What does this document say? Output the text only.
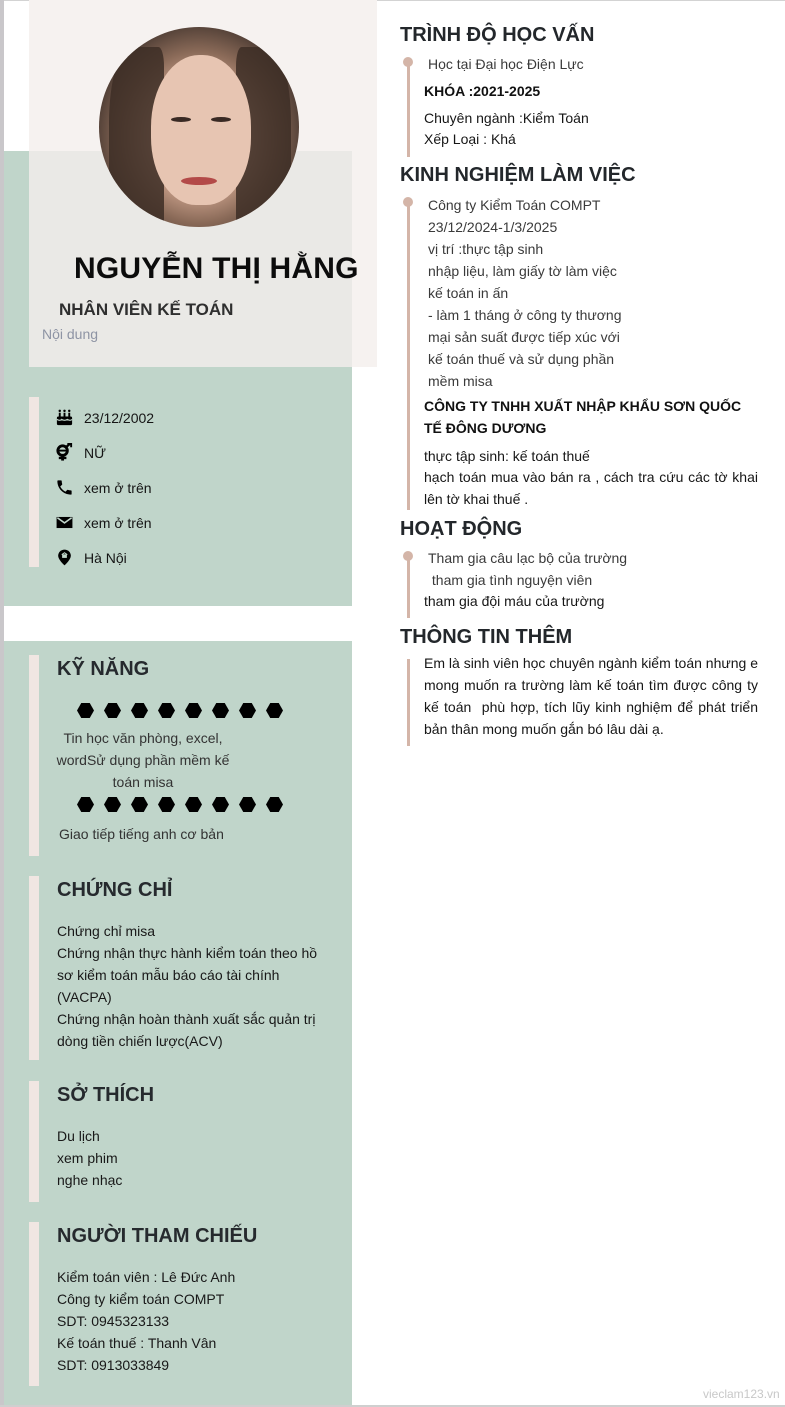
NGUYỄN THỊ HẰNG
NHÂN VIÊN KẾ TOÁN
Nội dung
23/12/2002
NỮ
xem ở trên
xem ở trên
Hà Nội
KỸ NĂNG
Tin học văn phòng, excel,
wordSử dụng phần mềm kế
toán misa
Giao tiếp tiếng anh cơ bản
CHỨNG CHỈ
Chứng chỉ misa
Chứng nhận thực hành kiểm toán theo hồ
sơ kiểm toán mẫu báo cáo tài chính
(VACPA)
Chứng nhận hoàn thành xuất sắc quản trị
dòng tiền chiến lược(ACV)
SỞ THÍCH
Du lịch
xem phim
nghe nhạc
NGƯỜI THAM CHIẾU
Kiểm toán viên : Lê Đức Anh
Công ty kiểm toán COMPT
SDT: 0945323133
Kế toán thuế : Thanh Vân
SDT: 0913033849
TRÌNH ĐỘ HỌC VẤN
Học tại Đại học Điện Lực
KHÓA :2021-2025
Chuyên ngành :Kiểm Toán
Xếp Loại : Khá
KINH NGHIỆM LÀM VIỆC
Công ty Kiểm Toán COMPT
23/12/2024-1/3/2025
vị trí :thực tập sinh
nhập liệu, làm giấy tờ làm việc
kế toán in ấn
- làm 1 tháng ở công ty thương
mại sản suất được tiếp xúc với
kế toán thuế và sử dụng phần
mềm misa
CÔNG TY TNHH XUẤT NHẬP KHẨU SƠN QUỐC TẾ ĐÔNG DƯƠNG
thực tập sinh: kế toán thuế
hạch toán mua vào bán ra , cách tra cứu các tờ khai lên tờ khai thuế .
HOẠT ĐỘNG
Tham gia câu lạc bộ của trường
tham gia tình nguyện viên
tham gia đội máu của trường
THÔNG TIN THÊM
Em là sinh viên học chuyên ngành kiểm toán nhưng e mong muốn ra trường làm kế toán tìm được công ty kế toán  phù hợp, tích lũy kinh nghiệm để phát triển bản thân mong muốn gắn bó lâu dài ạ.
vieclam123.vn
